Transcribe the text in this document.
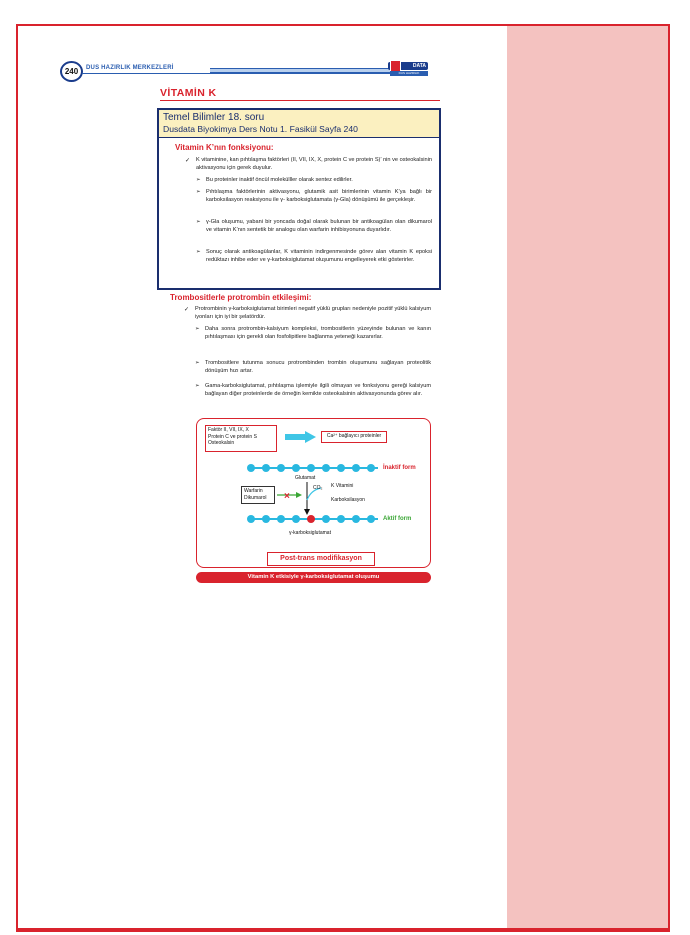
240	DUS HAZIRLIK MERKEZLERİ	DATA
DUS HAZIRLIK MERKEZLERİ
VİTAMİN K
Temel Bilimler 18. soru
Dusdata Biyokimya Ders Notu 1. Fasikül Sayfa 240
Vitamin K’nın fonksiyonu:
✓ K vitaminine, kan pıhtılaşma faktörleri (II, VII, IX, X, protein C ve protein S)’ nin ve osteokalsinin aktivasyonu için gerek duyulur.
➢ Bu proteinler inaktif öncül molekülller olarak sentez edilirler.
➢ Pıhtılaşma faktörlerinin aktivasyonu, glutamik asit birimlerinin vitamin K’ya bağlı bir karboksilasyon reaksiyonu ile γ- karboksiglutamata (γ-Gla) dönüşümü ile gerçekleşir.
➢ γ-Gla oluşumu, yabani bir yoncada doğal olarak bulunan bir antikoagülan olan dikumarol ve vitamin K’nın sentetik bir analogu olan warfarin inhibisyonuna duyarlıdır.
➢ Sonuç olarak antikoagülanlar, K vitaminin indirgenmesinde görev alan vitamin K epoksi redüktazı inhibe eder ve γ-karboksiglutamat oluşumunu engelleyerek etki gösterirler.
Trombositlerle protrombin etkileşimi:
✓ Protrombinin γ-karboksiglutamat birimleri negatif yüklü grupları nedeniyle pozitif yüklü kalsiyum iyonları için iyi bir şelatördür.
➢ Daha sonra protrombin-kalsiyum kompleksi, trombositlerin yüzeyinde bulunan ve kanın pıhtılaşması için gerekli olan fosfolipitlere bağlanma yeteneği kazanırlar.
➢ Trombositlere tutunma sonucu protrombinden trombin oluşumunu sağlayan proteolitik dönüşüm hızı artar.
➢ Gama-karboksiglutamat, pıhtılaşma işlemiyle ilgili olmayan ve fonksiyonu gereği kalsiyum bağlayan diğer proteinlerde de örneğin kemikte osteokalsinin aktivasyonunda görev alır.
Faktör II, VII, IX, X
Protein C ve protein S
Osteokalsin
Ca²⁺ bağlayıcı proteinler
İnaktif form
Glutamat
CO₂ K Vitamini
Karboksilasyon
Warfarin
Dikumarol	×
Aktif form
γ-karboksiglutamat
Post-trans modifikasyon
Vitamin K etkisiyle γ-karboksiglutamat oluşumu
